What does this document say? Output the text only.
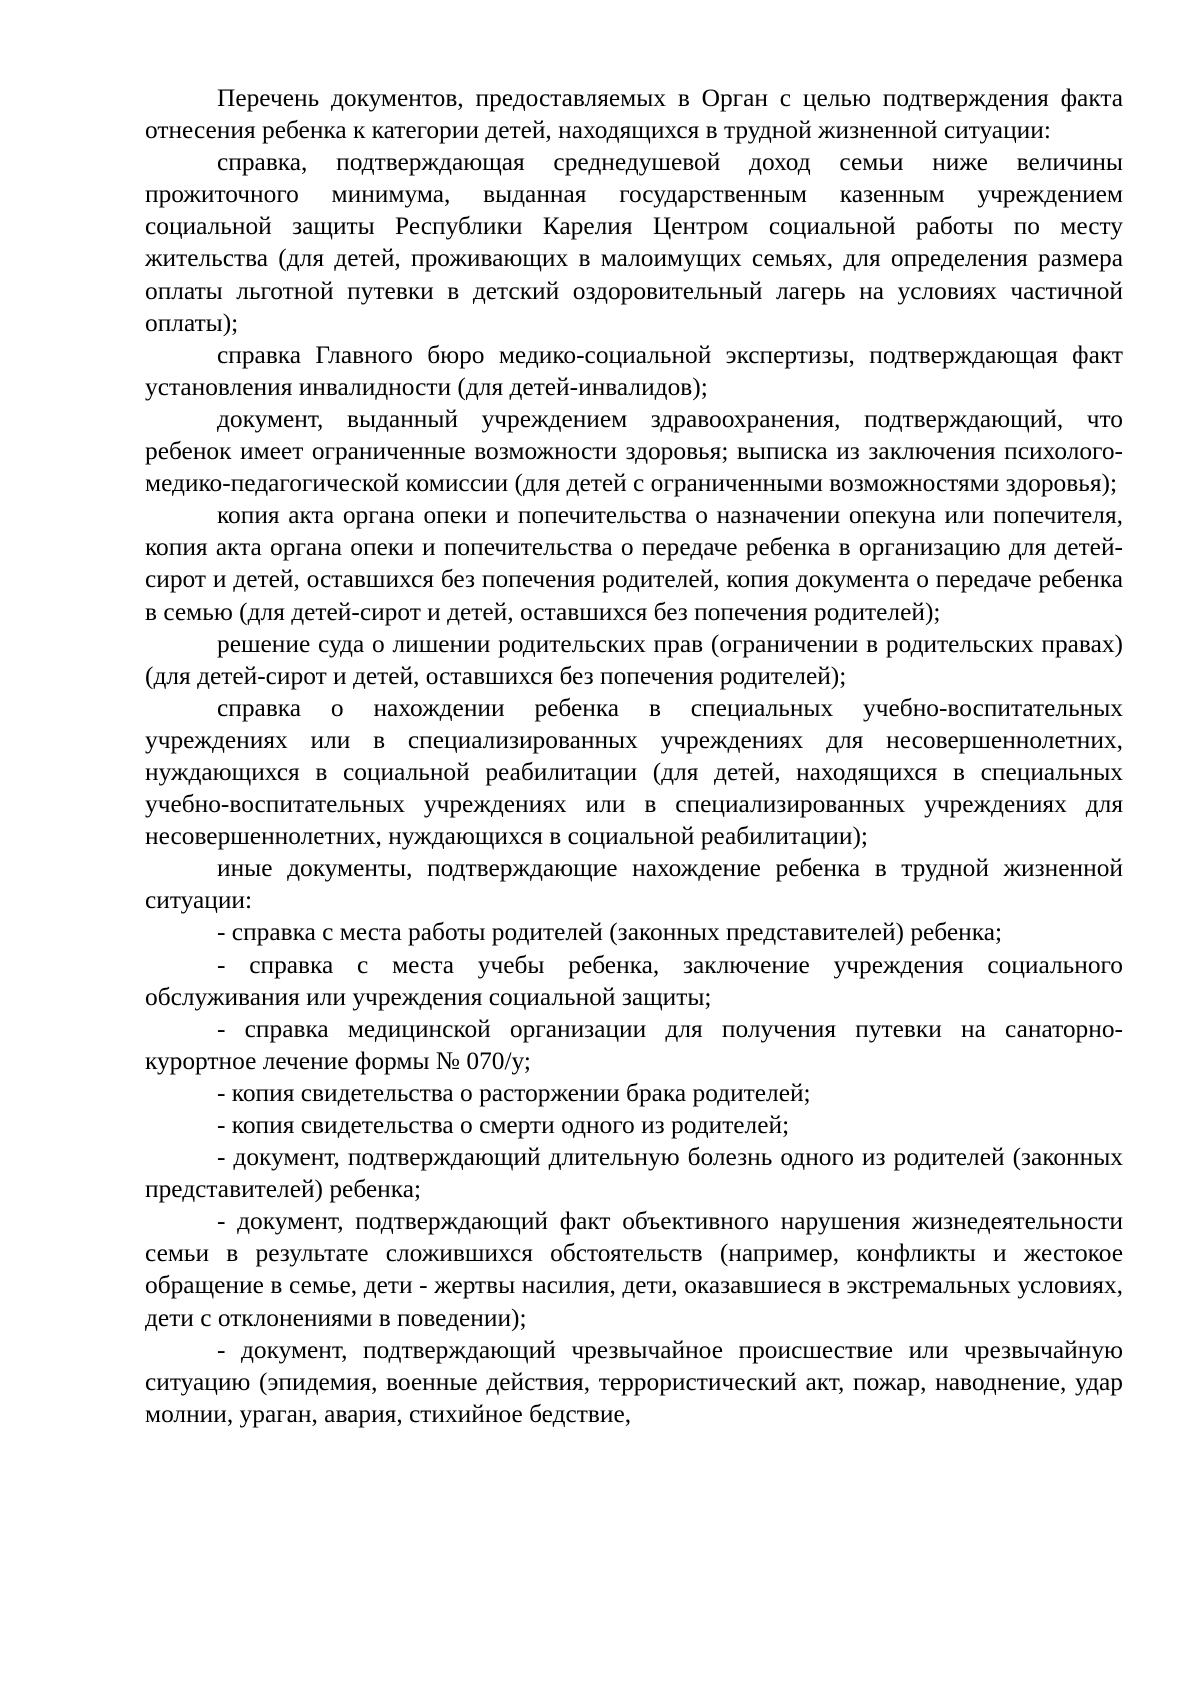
Перечень документов, предоставляемых в Орган с целью подтверждения факта отнесения ребенка к категории детей, находящихся в трудной жизненной ситуации:

справка, подтверждающая среднедушевой доход семьи ниже величины прожиточного минимума, выданная государственным казенным учреждением социальной защиты Республики Карелия Центром социальной работы по месту жительства (для детей, проживающих в малоимущих семьях, для определения размера оплаты льготной путевки в детский оздоровительный лагерь на условиях частичной оплаты);

справка Главного бюро медико-социальной экспертизы, подтверждающая факт установления инвалидности (для детей-инвалидов);

документ, выданный учреждением здравоохранения, подтверждающий, что ребенок имеет ограниченные возможности здоровья; выписка из заключения психолого-медико-педагогической комиссии (для детей с ограниченными возможностями здоровья);

копия акта органа опеки и попечительства о назначении опекуна или попечителя, копия акта органа опеки и попечительства о передаче ребенка в организацию для детей-сирот и детей, оставшихся без попечения родителей, копия документа о передаче ребенка в семью (для детей-сирот и детей, оставшихся без попечения родителей);

решение суда о лишении родительских прав (ограничении в родительских правах) (для детей-сирот и детей, оставшихся без попечения родителей);

справка о нахождении ребенка в специальных учебно-воспитательных учреждениях или в специализированных учреждениях для несовершеннолетних, нуждающихся в социальной реабилитации (для детей, находящихся в специальных учебно-воспитательных учреждениях или в специализированных учреждениях для несовершеннолетних, нуждающихся в социальной реабилитации);

иные документы, подтверждающие нахождение ребенка в трудной жизненной ситуации:

- справка с места работы родителей (законных представителей) ребенка;

- справка с места учебы ребенка, заключение учреждения социального обслуживания или учреждения социальной защиты;

- справка медицинской организации для получения путевки на санаторно-курортное лечение формы № 070/у;

- копия свидетельства о расторжении брака родителей;

- копия свидетельства о смерти одного из родителей;

- документ, подтверждающий длительную болезнь одного из родителей (законных представителей) ребенка;

- документ, подтверждающий факт объективного нарушения жизнедеятельности семьи в результате сложившихся обстоятельств (например, конфликты и жестокое обращение в семье, дети - жертвы насилия, дети, оказавшиеся в экстремальных условиях, дети с отклонениями в поведении);

- документ, подтверждающий чрезвычайное происшествие или чрезвычайную ситуацию (эпидемия, военные действия, террористический акт, пожар, наводнение, удар молнии, ураган, авария, стихийное бедствие,
